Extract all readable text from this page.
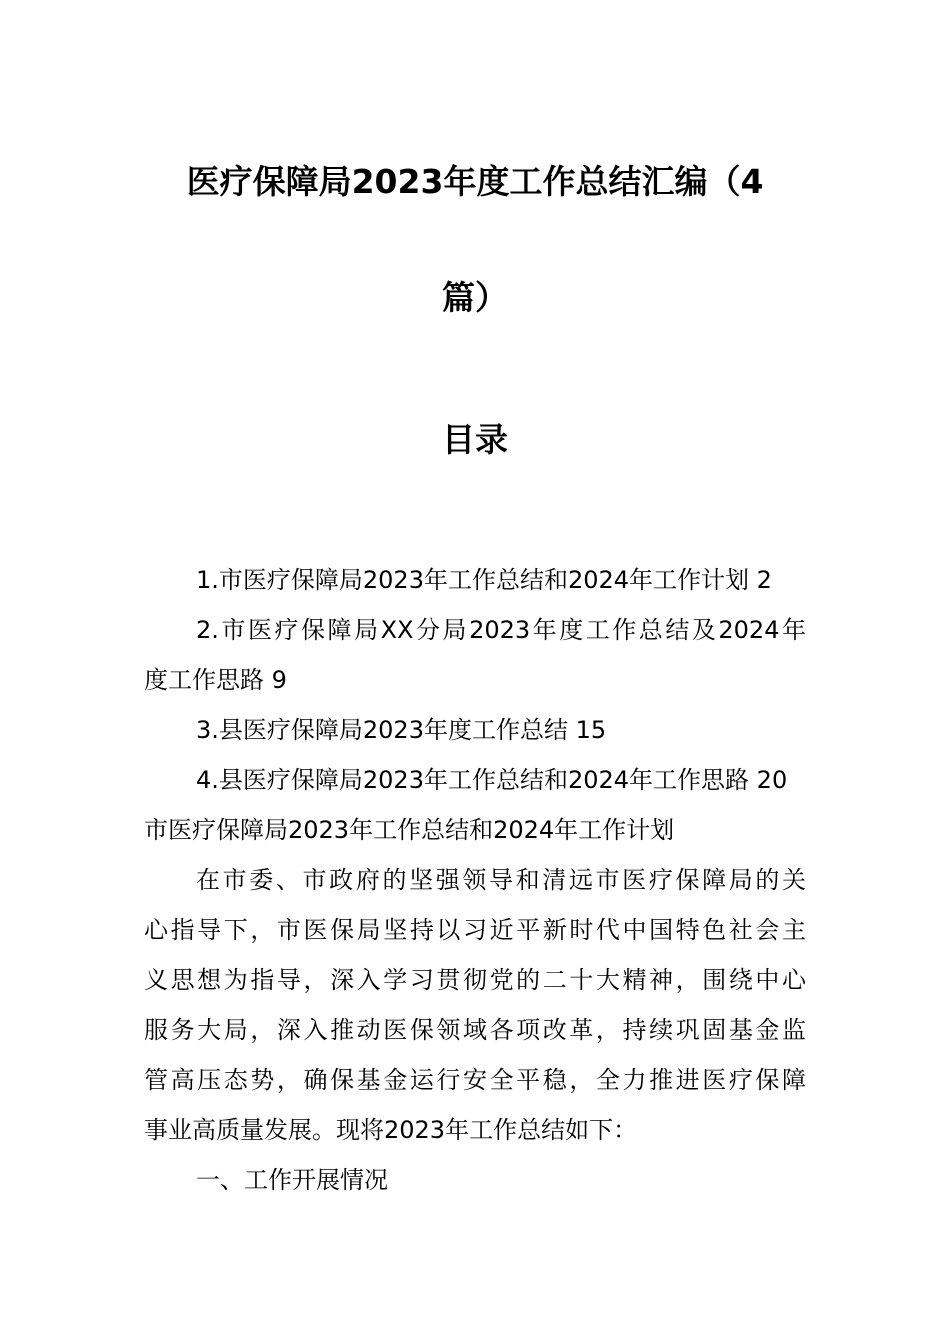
医疗保障局2023年度工作总结汇编（4
篇）
目录
1.市医疗保障局2023年工作总结和2024年工作计划 2
2.市医疗保障局XX分局2023年度工作总结及2024年
度工作思路 9
3.县医疗保障局2023年度工作总结 15
4.县医疗保障局2023年工作总结和2024年工作思路 20
市医疗保障局2023年工作总结和2024年工作计划
在市委、市政府的坚强领导和清远市医疗保障局的关
心指导下，市医保局坚持以习近平新时代中国特色社会主
义思想为指导，深入学习贯彻党的二十大精神，围绕中心
服务大局，深入推动医保领域各项改革，持续巩固基金监
管高压态势，确保基金运行安全平稳，全力推进医疗保障
事业高质量发展。现将2023年工作总结如下：
一、工作开展情况
